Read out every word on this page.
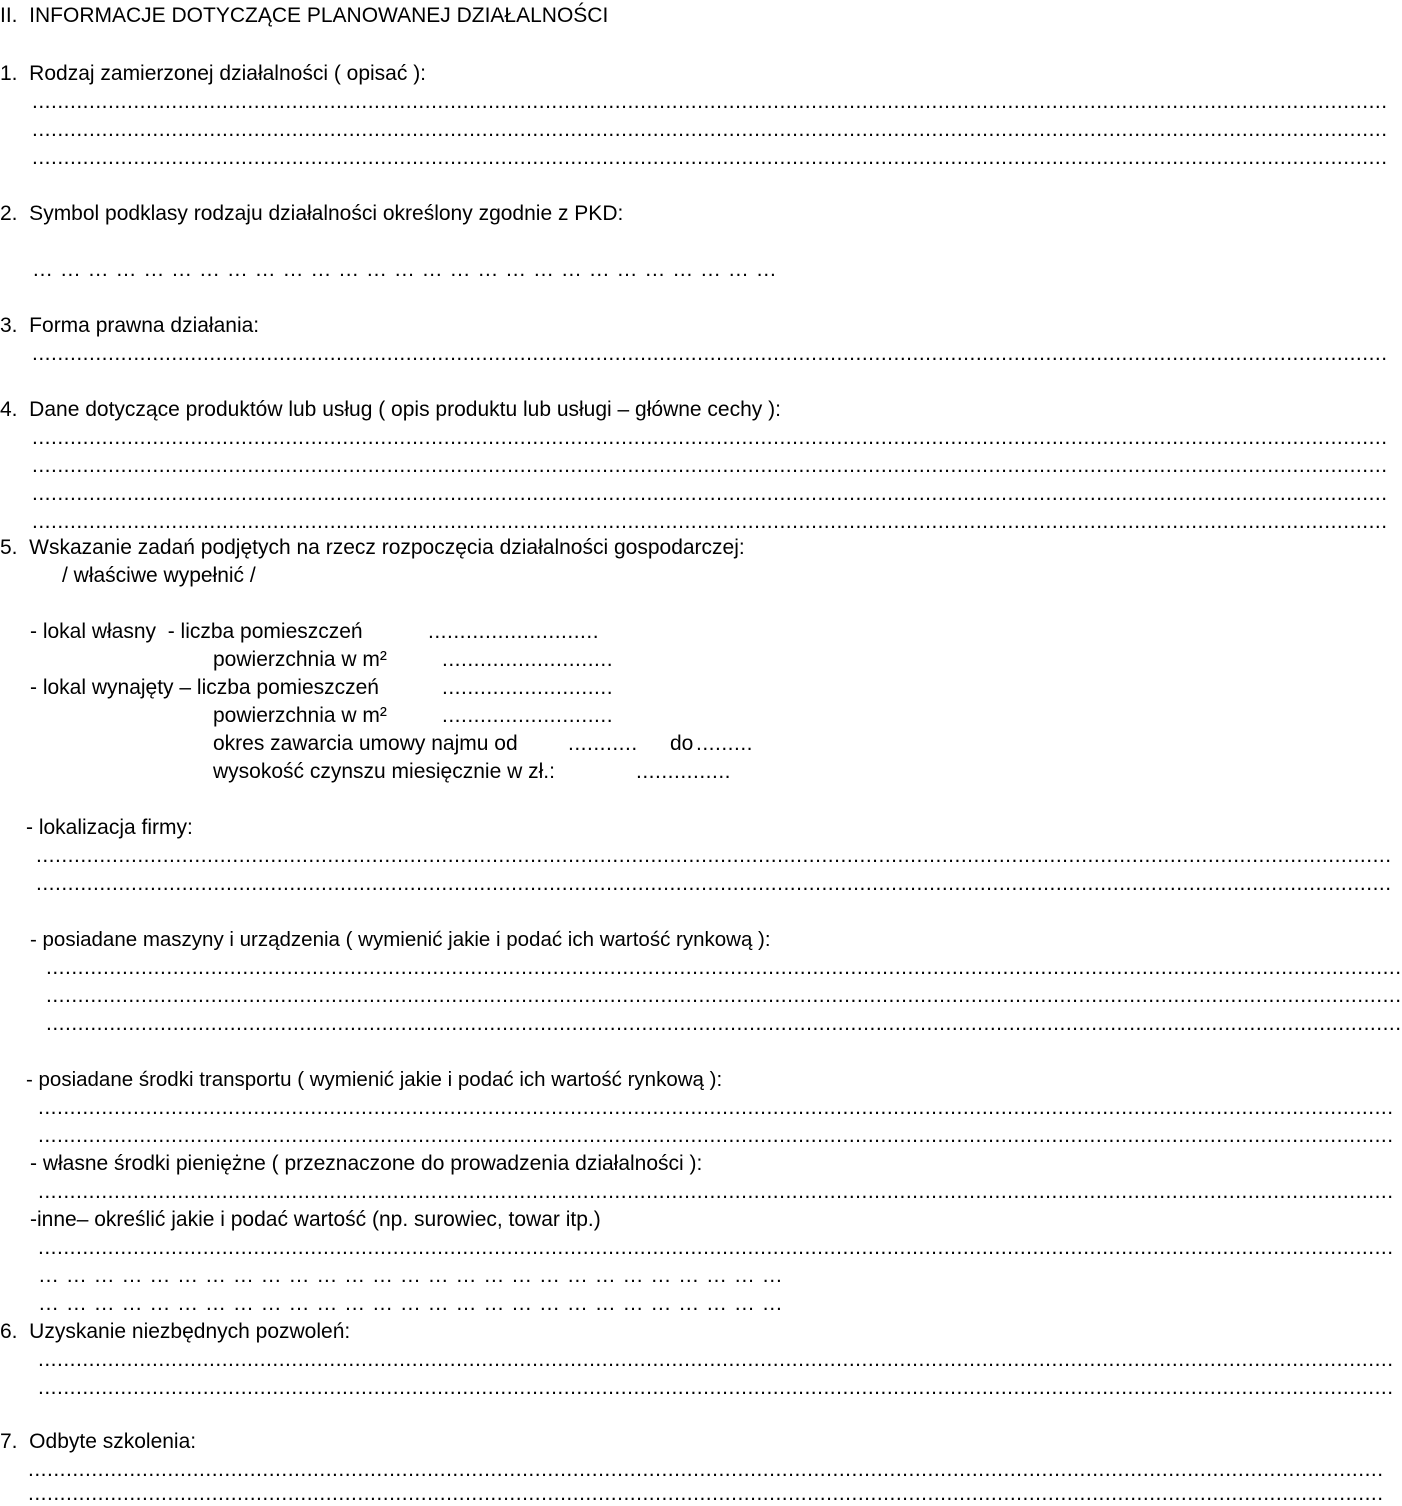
II.  INFORMACJE DOTYCZĄCE PLANOWANEJ DZIAŁALNOŚCI
1.  Rodzaj zamierzonej działalności ( opisać ):
......................................................................................................................................................................................................................
......................................................................................................................................................................................................................
......................................................................................................................................................................................................................
2.  Symbol podklasy rodzaju działalności określony zgodnie z PKD:
… … … … … … … … … … … … … … … … … … … … … … … … … … …
3.  Forma prawna działania:
......................................................................................................................................................................................................................
4.  Dane dotyczące produktów lub usług ( opis produktu lub usługi – główne cechy ):
......................................................................................................................................................................................................................
......................................................................................................................................................................................................................
......................................................................................................................................................................................................................
......................................................................................................................................................................................................................
5.  Wskazanie zadań podjętych na rzecz rozpoczęcia działalności gospodarczej:
/ właściwe wypełnić /
- lokal własny  - liczba pomieszczeń	...........................
powierzchnia w m²	...........................
- lokal wynajęty – liczba pomieszczeń	...........................
powierzchnia w m²	...........................
okres zawarcia umowy najmu od ...........	do .........
wysokość czynszu miesięcznie w zł.:	...............
- lokalizacja firmy:
......................................................................................................................................................................................................................
......................................................................................................................................................................................................................
- posiadane maszyny i urządzenia ( wymienić jakie i podać ich wartość rynkową ):
......................................................................................................................................................................................................................
......................................................................................................................................................................................................................
......................................................................................................................................................................................................................
- posiadane środki transportu ( wymienić jakie i podać ich wartość rynkową ):
......................................................................................................................................................................................................................
......................................................................................................................................................................................................................
- własne środki pieniężne ( przeznaczone do prowadzenia działalności ):
......................................................................................................................................................................................................................
-inne– określić jakie i podać wartość (np. surowiec, towar itp.)
......................................................................................................................................................................................................................
… … … … … … … … … … … … … … … … … … … … … … … … … … …
… … … … … … … … … … … … … … … … … … … … … … … … … … …
6.  Uzyskanie niezbędnych pozwoleń:
......................................................................................................................................................................................................................
......................................................................................................................................................................................................................
7.  Odbyte szkolenia:
......................................................................................................................................................................................................................
......................................................................................................................................................................................................................
